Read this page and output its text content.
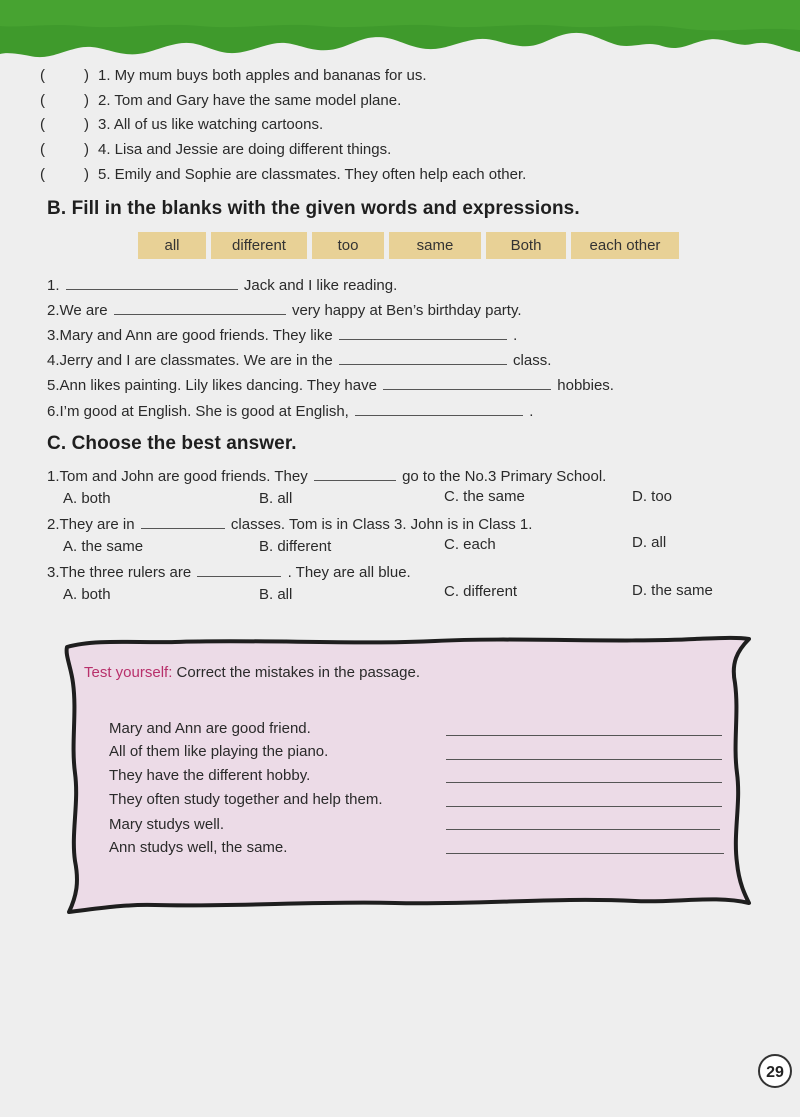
(	) 1. My mum buys both apples and bananas for us.
(	) 2. Tom and Gary have the same model plane.
(	) 3. All of us like watching cartoons.
(	) 4. Lisa and Jessie are doing different things.
(	) 5. Emily and Sophie are classmates. They often help each other.
B. Fill in the blanks with the given words and expressions.
all	different	too	same	Both	each other
1.	Jack and I like reading.
2.We are	very happy at Ben’s birthday party.
3.Mary and Ann are good friends. They like	.
4.Jerry and I are classmates. We are in the	class.
5.Ann likes painting. Lily likes dancing. They have	hobbies.
6.I’m good at English. She is good at English,	.
C. Choose the best answer.
1.Tom and John are good friends. They	go to the No.3 Primary School.
A. both	B. all	C. the same	D. too
2.They are in	classes. Tom is in Class 3. John is in Class 1.
A. the same	B. different	C. each	D. all
3.The three rulers are	. They are all blue.
A. both	B. all	C. different	D. the same
Test yourself: Correct the mistakes in the passage.
Mary and Ann are good friend.
All of them like playing the piano.
They have the different hobby.
They often study together and help them.
Mary studys well.
Ann studys well, the same.
29
